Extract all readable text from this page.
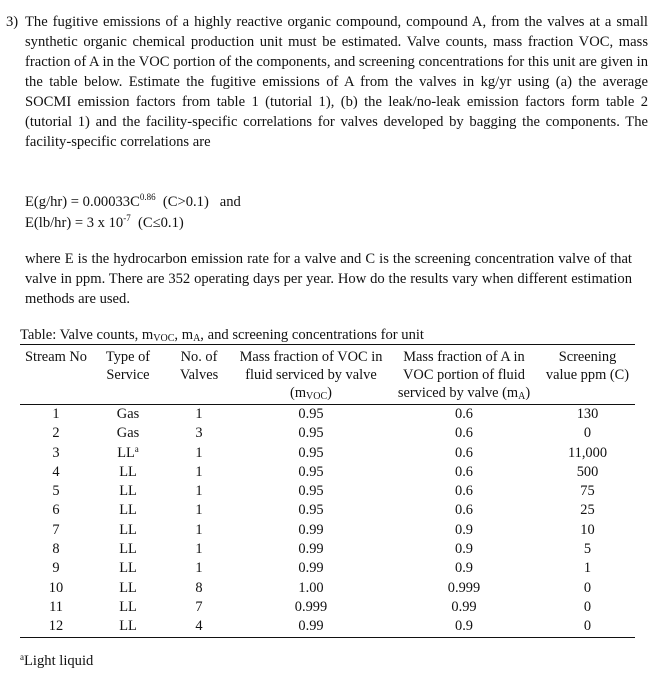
3) The fugitive emissions of a highly reactive organic compound, compound A, from the valves at a small synthetic organic chemical production unit must be estimated. Valve counts, mass fraction VOC, mass fraction of A in the VOC portion of the components, and screening concentrations for this unit are given in the table below. Estimate the fugitive emissions of A from the valves in kg/yr using (a) the average SOCMI emission factors from table 1 (tutorial 1), (b) the leak/no-leak emission factors form table 2 (tutorial 1) and the facility-specific correlations for valves developed by bagging the components. The facility-specific correlations are
$E(g/hr) = 0.00033C^{0.86}$ (C>0.1) and
E(lb/hr) = 3 x $10^{-7}$ (C≤0.1)
where E is the hydrocarbon emission rate for a valve and C is the screening concentration valve of that valve in ppm. There are 352 operating days per year. How do the results vary when different estimation methods are used.
Table: Valve counts, $m_{VOC}$, $m_A$, and screening concentrations for unit
Stream No	Type of Service	No. of Valves	Mass fraction of VOC in fluid serviced by valve $(m_{VOC})$	Mass fraction of A in VOC portion of fluid serviced by valve $(m_A)$	Screening value ppm (C)
1	Gas	1	0.95	0.6	130
2	Gas	3	0.95	0.6	0
3	$LL^a$	1	0.95	0.6	11,000
4	LL	1	0.95	0.6	500
5	LL	1	0.95	0.6	75
6	LL	1	0.95	0.6	25
7	LL	1	0.99	0.9	10
8	LL	1	0.99	0.9	5
9	LL	1	0.99	0.9	1
10	LL	8	1.00	0.999	0
11	LL	7	0.999	0.99	0
12	LL	4	0.99	0.9	0
$^a$Light liquid
